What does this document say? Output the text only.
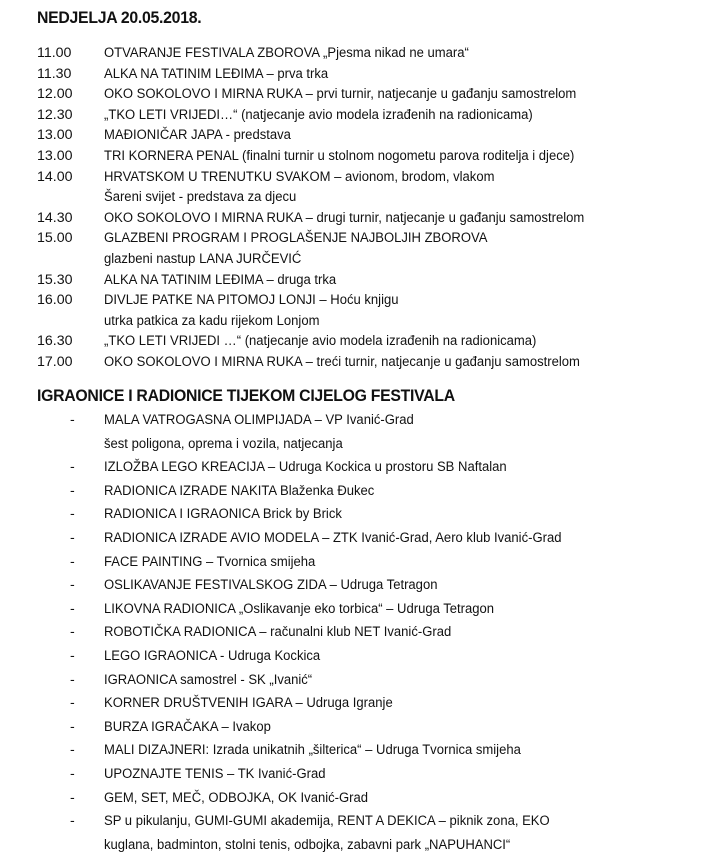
NEDJELJA 20.05.2018.
11.00	OTVARANJE FESTIVALA ZBOROVA „Pjesma nikad ne umara“
11.30	ALKA NA TATINIM LEĐIMA – prva trka
12.00	OKO SOKOLOVO I MIRNA RUKA – prvi turnir, natjecanje u gađanju samostrelom
12.30	„TKO LETI VRIJEDI…“ (natjecanje avio modela izrađenih na radionicama)
13.00	MAĐIONIČAR JAPA - predstava
13.00	TRI KORNERA PENAL (finalni turnir u stolnom nogometu parova roditelja i djece)
14.00	HRVATSKOM U TRENUTKU SVAKOM – avionom, brodom, vlakom
Šareni svijet - predstava za djecu
14.30	OKO SOKOLOVO I MIRNA RUKA – drugi turnir, natjecanje u gađanju samostrelom
15.00	GLAZBENI PROGRAM I PROGLAŠENJE NAJBOLJIH ZBOROVA
glazbeni nastup LANA JURČEVIĆ
15.30	ALKA NA TATINIM LEĐIMA – druga trka
16.00	DIVLJE PATKE NA PITOMOJ LONJI – Hoću knjigu
utrka patkica za kadu rijekom Lonjom
16.30	„TKO LETI VRIJEDI …“ (natjecanje avio modela izrađenih na radionicama)
17.00	OKO SOKOLOVO I MIRNA RUKA – treći turnir, natjecanje u gađanju samostrelom
IGRAONICE I RADIONICE TIJEKOM CIJELOG FESTIVALA
- MALA VATROGASNA OLIMPIJADA – VP Ivanić-Grad
šest poligona, oprema i vozila, natjecanja
- IZLOŽBA LEGO KREACIJA – Udruga Kockica u prostoru SB Naftalan
- RADIONICA IZRADE NAKITA Blaženka Đukec
- RADIONICA I IGRAONICA Brick by Brick
- RADIONICA IZRADE AVIO MODELA – ZTK Ivanić-Grad, Aero klub Ivanić-Grad
- FACE PAINTING – Tvornica smijeha
- OSLIKAVANJE FESTIVALSKOG ZIDA – Udruga Tetragon
- LIKOVNA RADIONICA „Oslikavanje eko torbica“ – Udruga Tetragon
- ROBOTIČKA RADIONICA – računalni klub NET Ivanić-Grad
- LEGO IGRAONICA - Udruga Kockica
- IGRAONICA samostrel - SK „Ivanić“
- KORNER DRUŠTVENIH IGARA – Udruga Igranje
- BURZA IGRAČAKA – Ivakop
- MALI DIZAJNERI: Izrada unikatnih „šilterica“ – Udruga Tvornica smijeha
- UPOZNAJTE TENIS – TK Ivanić-Grad
- GEM, SET, MEČ, ODBOJKA, OK Ivanić-Grad
- SP u pikulanju, GUMI-GUMI akademija, RENT A DEKICA – piknik zona, EKO
kuglana, badminton, stolni tenis, odbojka, zabavni park „NAPUHANCI“
